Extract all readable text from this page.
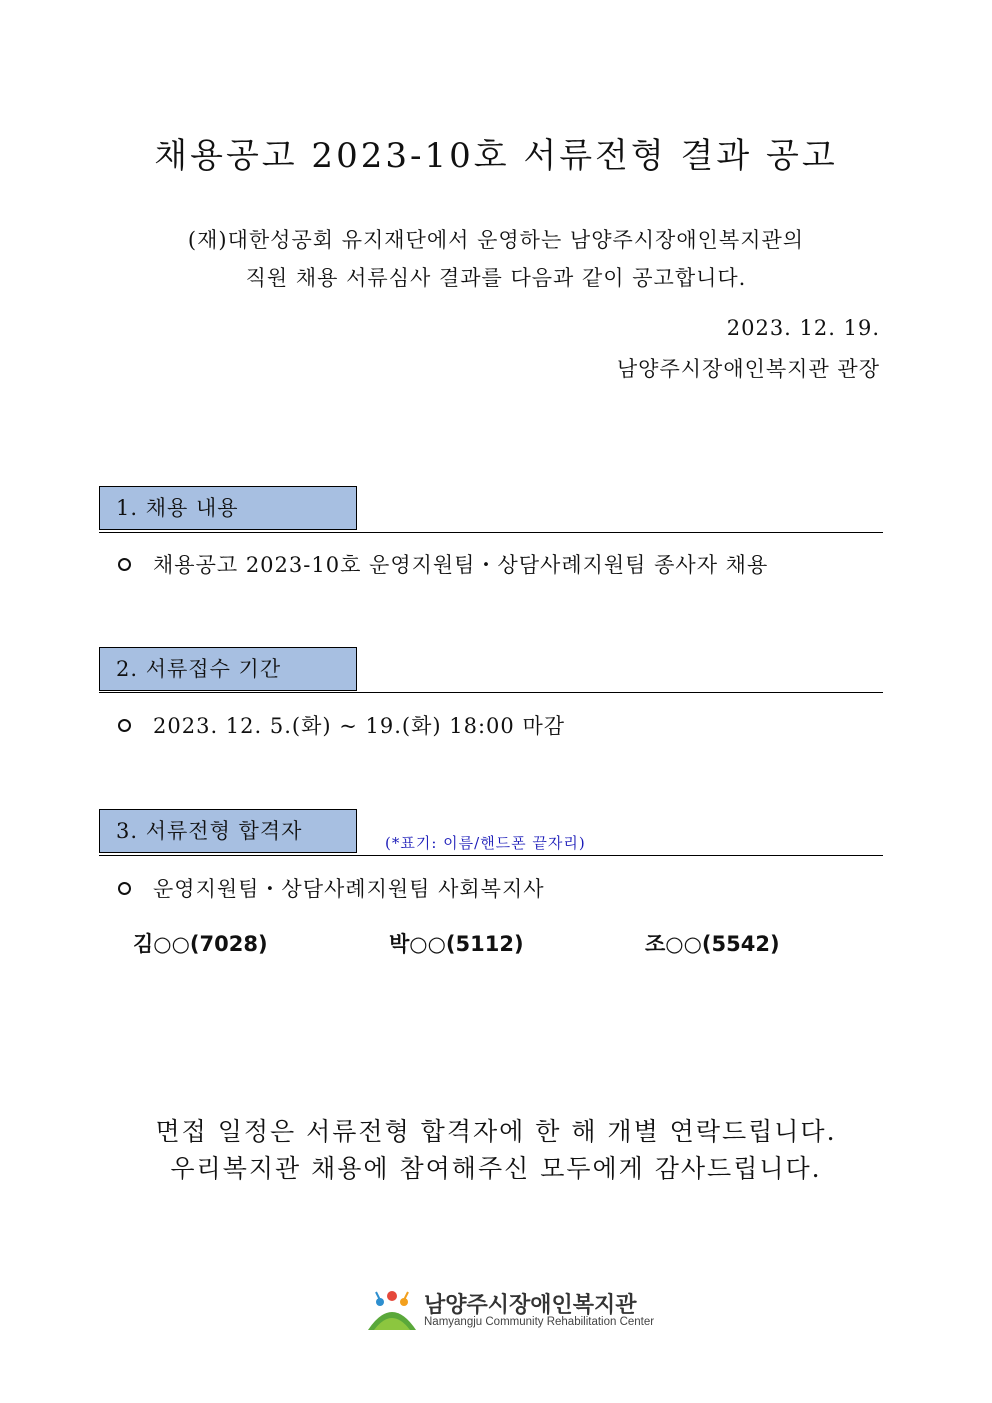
채용공고 2023-10호 서류전형 결과 공고
(재)대한성공회 유지재단에서 운영하는 남양주시장애인복지관의
직원 채용 서류심사 결과를 다음과 같이 공고합니다.
2023. 12. 19.
남양주시장애인복지관 관장
1. 채용 내용
채용공고 2023-10호 운영지원팀・상담사례지원팀 종사자 채용
2. 서류접수 기간
2023. 12. 5.(화) ~ 19.(화) 18:00 마감
3. 서류전형 합격자	(*표기: 이름/핸드폰 끝자리)
운영지원팀・상담사례지원팀 사회복지사
김○○(7028)	박○○(5112)	조○○(5542)
면접 일정은 서류전형 합격자에 한 해 개별 연락드립니다.
우리복지관 채용에 참여해주신 모두에게 감사드립니다.
남양주시장애인복지관
Namyangju Community Rehabilitation Center
